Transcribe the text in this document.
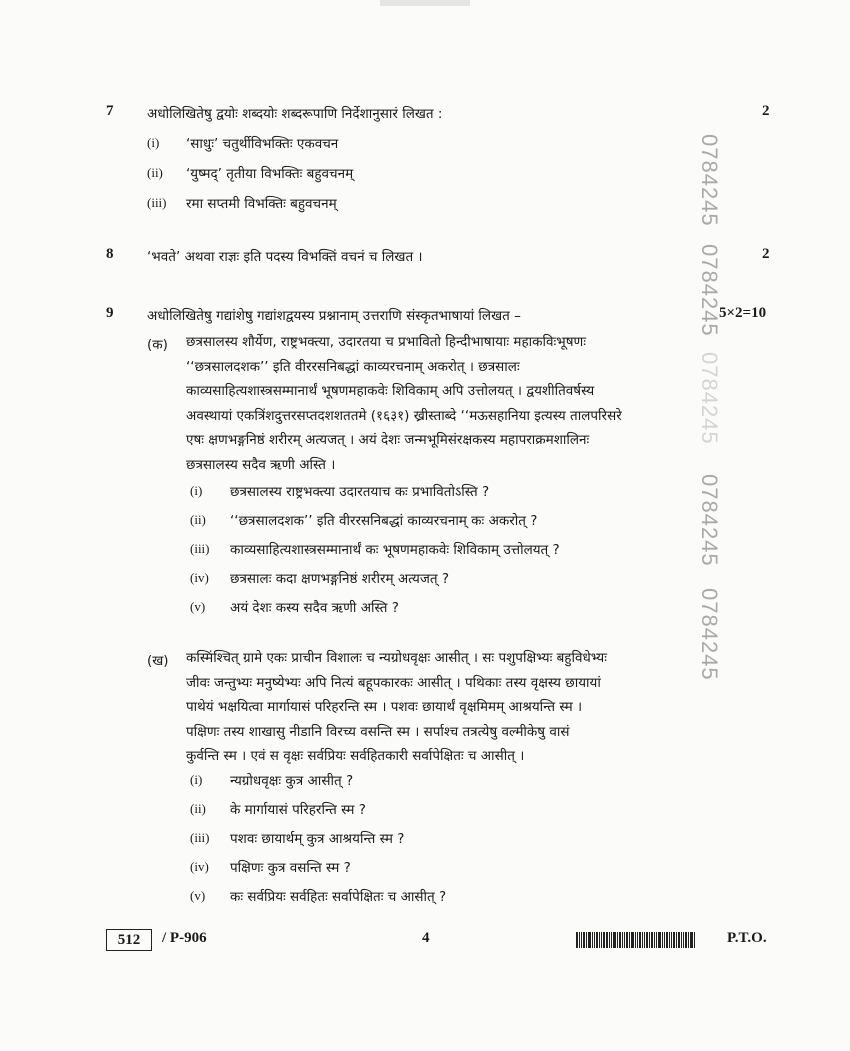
0784245
0784245
0784245
0784245
0784245
7 अधोलिखितेषु द्वयोः शब्दयोः शब्दरूपाणि निर्देशानुसारं लिखत :	2
(i) ‘साधुः’ चतुर्थीविभक्तिः एकवचन
(ii) ‘युष्मद्’ तृतीया विभक्तिः बहुवचनम्
(iii) रमा सप्तमी विभक्तिः बहुवचनम्
8 ‘भवते’ अथवा राज्ञः इति पदस्य विभक्तिं वचनं च लिखत ।	2
9 अधोलिखितेषु गद्यांशेषु गद्यांशद्वयस्य प्रश्नानाम् उत्तराणि संस्कृतभाषायां लिखत –	5×2=10
(क) छत्रसालस्य शौर्येण, राष्ट्रभक्त्या, उदारतया च प्रभावितो हिन्दीभाषायाः महाकविःभूषणः
‘‘छत्रसालदशक’’ इति वीररसनिबद्धां काव्यरचनाम् अकरोत् । छत्रसालः
काव्यसाहित्यशास्त्रसम्मानार्थं भूषणमहाकवेः शिविकाम् अपि उत्तोलयत् । द्वयशीतिवर्षस्य
अवस्थायां एकत्रिंशदुत्तरसप्तदशशततमे (१६३१) ख्रीस्ताब्दे ‘‘मऊसहानिया इत्यस्य तालपरिसरे
एषः क्षणभङ्गनिष्ठं शरीरम् अत्यजत् । अयं देशः जन्मभूमिसंरक्षकस्य महापराक्रमशालिनः
छत्रसालस्य सदैव ऋणी अस्ति ।
(i) छत्रसालस्य राष्ट्रभक्त्या उदारतयाच कः प्रभावितोऽस्ति ?
(ii) ‘‘छत्रसालदशक’’ इति वीररसनिबद्धां काव्यरचनाम् कः अकरोत् ?
(iii) काव्यसाहित्यशास्त्रसम्मानार्थं कः भूषणमहाकवेः शिविकाम् उत्तोलयत् ?
(iv) छत्रसालः कदा क्षणभङ्गनिष्ठं शरीरम् अत्यजत् ?
(v) अयं देशः कस्य सदैव ऋणी अस्ति ?
(ख) कस्मिंश्चित् ग्रामे एकः प्राचीन विशालः च न्यग्रोधवृक्षः आसीत् । सः पशुपक्षिभ्यः बहुविधेभ्यः
जीवः जन्तुभ्यः मनुष्येभ्यः अपि नित्यं बहूपकारकः आसीत् । पथिकाः तस्य वृक्षस्य छायायां
पाथेयं भक्षयित्वा मार्गायासं परिहरन्ति स्म । पशवः छायार्थं वृक्षमिमम् आश्रयन्ति स्म ।
पक्षिणः तस्य शाखासु नीडानि विरच्य वसन्ति स्म । सर्पाश्च तत्रत्येषु वल्मीकेषु वासं
कुर्वन्ति स्म । एवं स वृक्षः सर्वप्रियः सर्वहितकारी सर्वापेक्षितः च आसीत् ।
(i) न्यग्रोधवृक्षः कुत्र आसीत् ?
(ii) के मार्गायासं परिहरन्ति स्म ?
(iii) पशवः छायार्थम् कुत्र आश्रयन्ति स्म ?
(iv) पक्षिणः कुत्र वसन्ति स्म ?
(v) कः सर्वप्रियः सर्वहितः सर्वापेक्षितः च आसीत् ?
512	/ P-906	4	P.T.O.
